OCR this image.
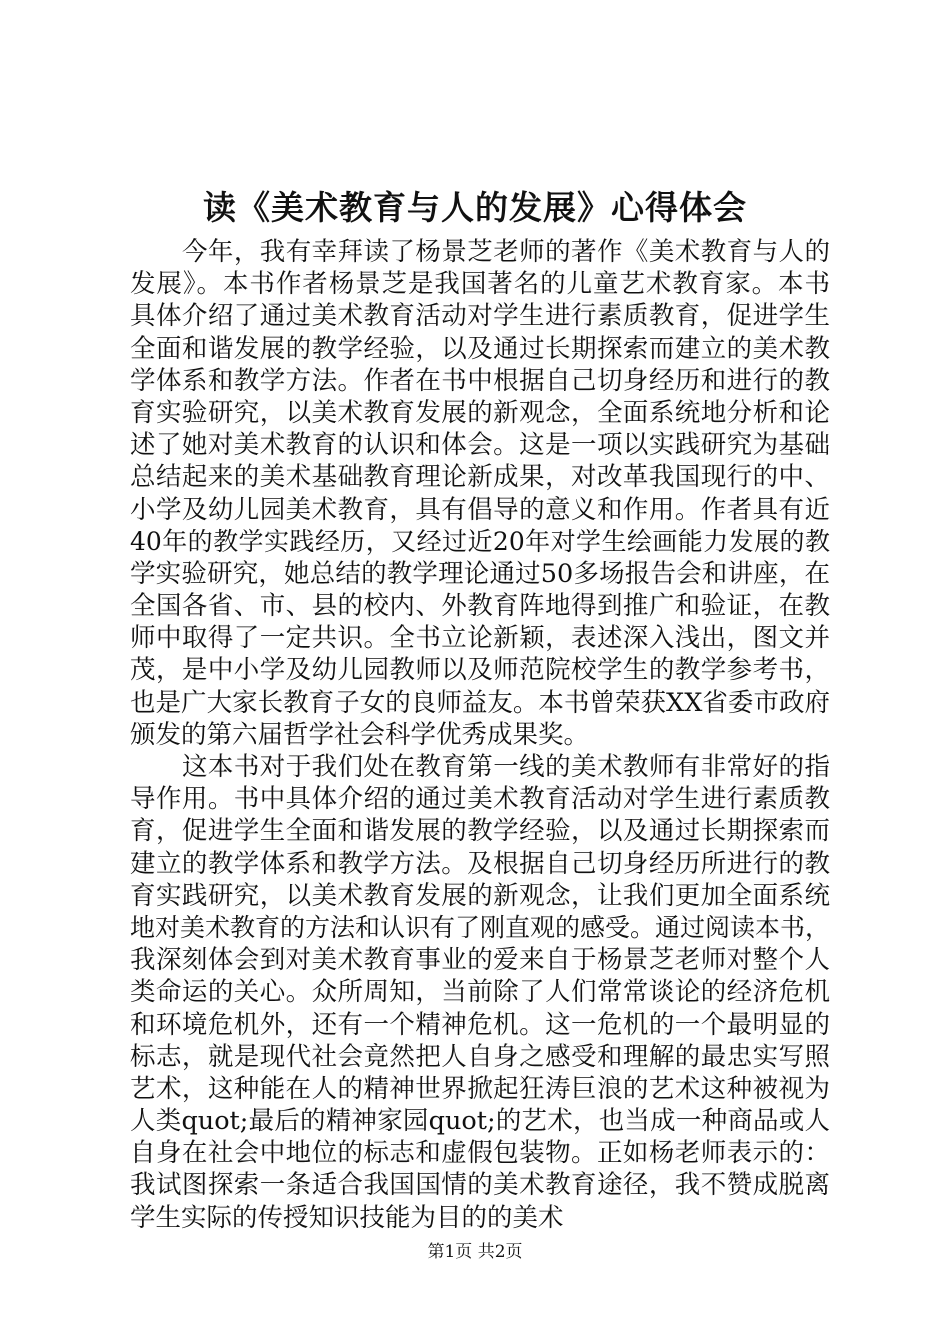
读《美术教育与人的发展》心得体会
今年，我有幸拜读了杨景芝老师的著作《美术教育与人的
发展》。本书作者杨景芝是我国著名的儿童艺术教育家。本书
具体介绍了通过美术教育活动对学生进行素质教育，促进学生
全面和谐发展的教学经验，以及通过长期探索而建立的美术教
学体系和教学方法。作者在书中根据自己切身经历和进行的教
育实验研究，以美术教育发展的新观念，全面系统地分析和论
述了她对美术教育的认识和体会。这是一项以实践研究为基础
总结起来的美术基础教育理论新成果，对改革我国现行的中、
小学及幼儿园美术教育，具有倡导的意义和作用。作者具有近
40年的教学实践经历，又经过近20年对学生绘画能力发展的教
学实验研究，她总结的教学理论通过50多场报告会和讲座，在
全国各省、市、县的校内、外教育阵地得到推广和验证，在教
师中取得了一定共识。全书立论新颖，表述深入浅出，图文并
茂，是中小学及幼儿园教师以及师范院校学生的教学参考书，
也是广大家长教育子女的良师益友。本书曾荣获XX省委市政府
颁发的第六届哲学社会科学优秀成果奖。
这本书对于我们处在教育第一线的美术教师有非常好的指
导作用。书中具体介绍的通过美术教育活动对学生进行素质教
育，促进学生全面和谐发展的教学经验，以及通过长期探索而
建立的教学体系和教学方法。及根据自己切身经历所进行的教
育实践研究，以美术教育发展的新观念，让我们更加全面系统
地对美术教育的方法和认识有了刚直观的感受。通过阅读本书，
我深刻体会到对美术教育事业的爱来自于杨景芝老师对整个人
类命运的关心。众所周知，当前除了人们常常谈论的经济危机
和环境危机外，还有一个精神危机。这一危机的一个最明显的
标志，就是现代社会竟然把人自身之感受和理解的最忠实写照
艺术，这种能在人的精神世界掀起狂涛巨浪的艺术这种被视为
人类quot;最后的精神家园quot;的艺术，也当成一种商品或人
自身在社会中地位的标志和虚假包装物。正如杨老师表示的：
我试图探索一条适合我国国情的美术教育途径，我不赞成脱离
学生实际的传授知识技能为目的的美术
第1页 共2页
